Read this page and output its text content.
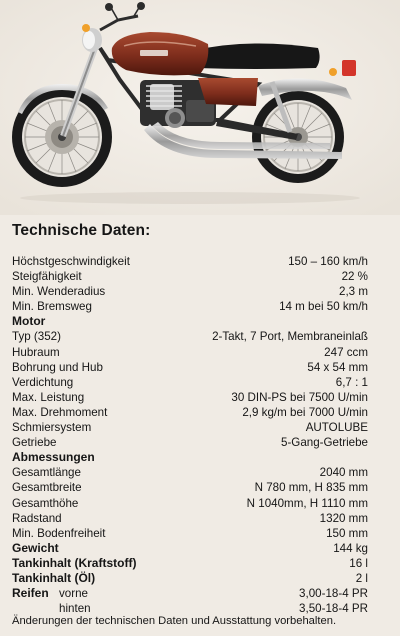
Technische Daten:
Höchstgeschwindigkeit	150 – 160 km/h
Steigfähigkeit	22 %
Min. Wenderadius	2,3 m
Min. Bremsweg	14 m bei 50 km/h
Motor
Typ (352)	2-Takt, 7 Port, Membraneinlaß
Hubraum	247 ccm
Bohrung und Hub	54 x 54 mm
Verdichtung	6,7 : 1
Max. Leistung	30 DIN-PS bei 7500 U/min
Max. Drehmoment	2,9 kg/m bei 7000 U/min
Schmiersystem	AUTOLUBE
Getriebe	5-Gang-Getriebe
Abmessungen
Gesamtlänge	2040 mm
Gesamtbreite	N 780 mm, H 835 mm
Gesamthöhe	N 1040mm, H 1110 mm
Radstand	1320 mm
Min. Bodenfreiheit	150 mm
Gewicht	144 kg
Tankinhalt (Kraftstoff)	16 l
Tankinhalt (Öl)	2 l
Reifen vorne	3,00-18-4 PR
hinten	3,50-18-4 PR
Änderungen der technischen Daten und Ausstattung vorbehalten.
